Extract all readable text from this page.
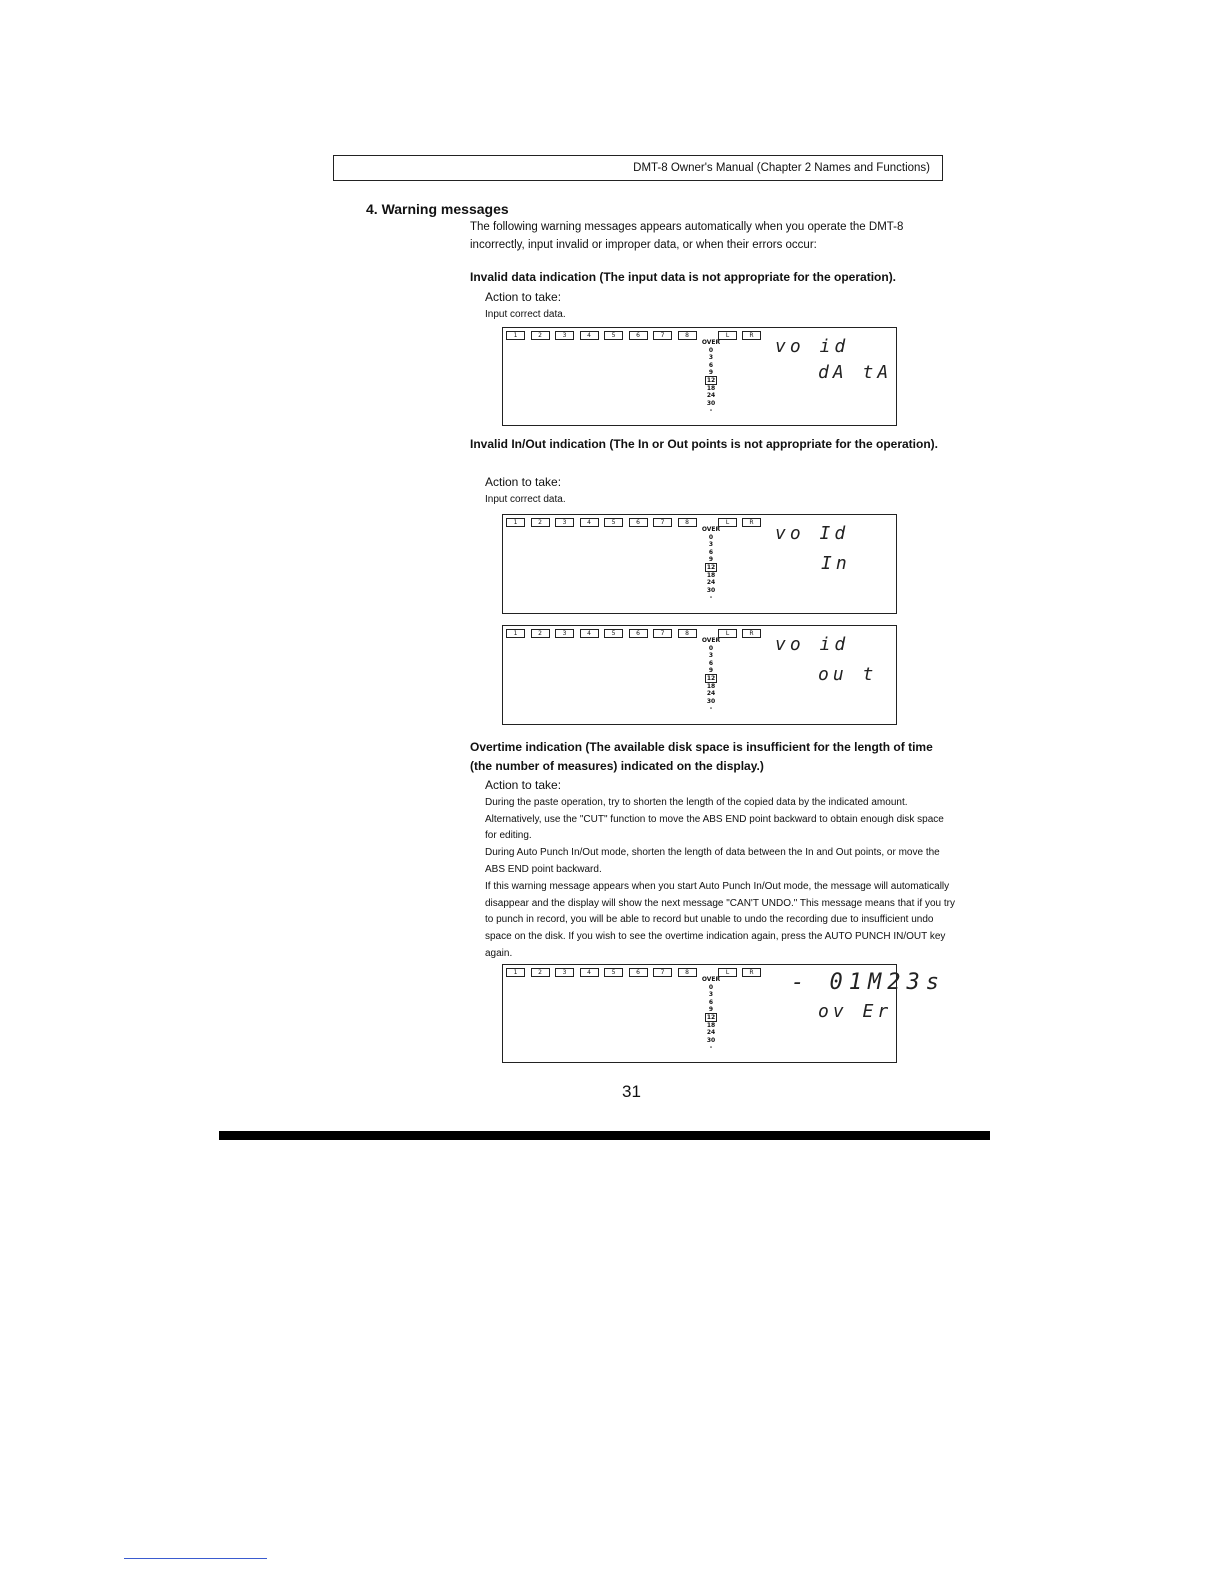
DMT-8 Owner's Manual (Chapter 2 Names and Functions)
4. Warning messages
The following warning messages appears automatically when you operate the DMT-8 incorrectly, input invalid or improper data, or when their errors occur:
Invalid data indication (The input data is not appropriate for the operation).
Action to take:
Input correct data.
1	2	3	4	5	6	7	8	L	R
OVER
0
3
6
9
12
18
24
30
-
vo id
dA tA
Invalid In/Out indication (The In or Out points is not appropriate for the operation).
Action to take:
Input correct data.
1	2	3	4	5	6	7	8	L	R
OVER
0
3
6
9
12
18
24
30
-
vo Id
In
1	2	3	4	5	6	7	8	L	R
OVER
0
3
6
9
12
18
24
30
-
vo id
ou t
Overtime indication (The available disk space is insufficient for the length of time (the number of measures) indicated on the display.)
Action to take:
During the paste operation, try to shorten the length of the copied data by the indicated amount. Alternatively, use the "CUT" function to move the ABS END point backward to obtain enough disk space for editing.
During Auto Punch In/Out mode, shorten the length of data between the In and Out points, or move the ABS END point backward.
If this warning message appears when you start Auto Punch In/Out mode, the message will automatically disappear and the display will show the next message "CAN'T UNDO." This message means that if you try to punch in record, you will be able to record but unable to undo the recording due to insufficient undo space on the disk. If you wish to see the overtime indication again, press the AUTO PUNCH IN/OUT key again.
1	2	3	4	5	6	7	8	L	R
OVER
0
3
6
9
12
18
24
30
-
- 01M23s
ov Er
31
